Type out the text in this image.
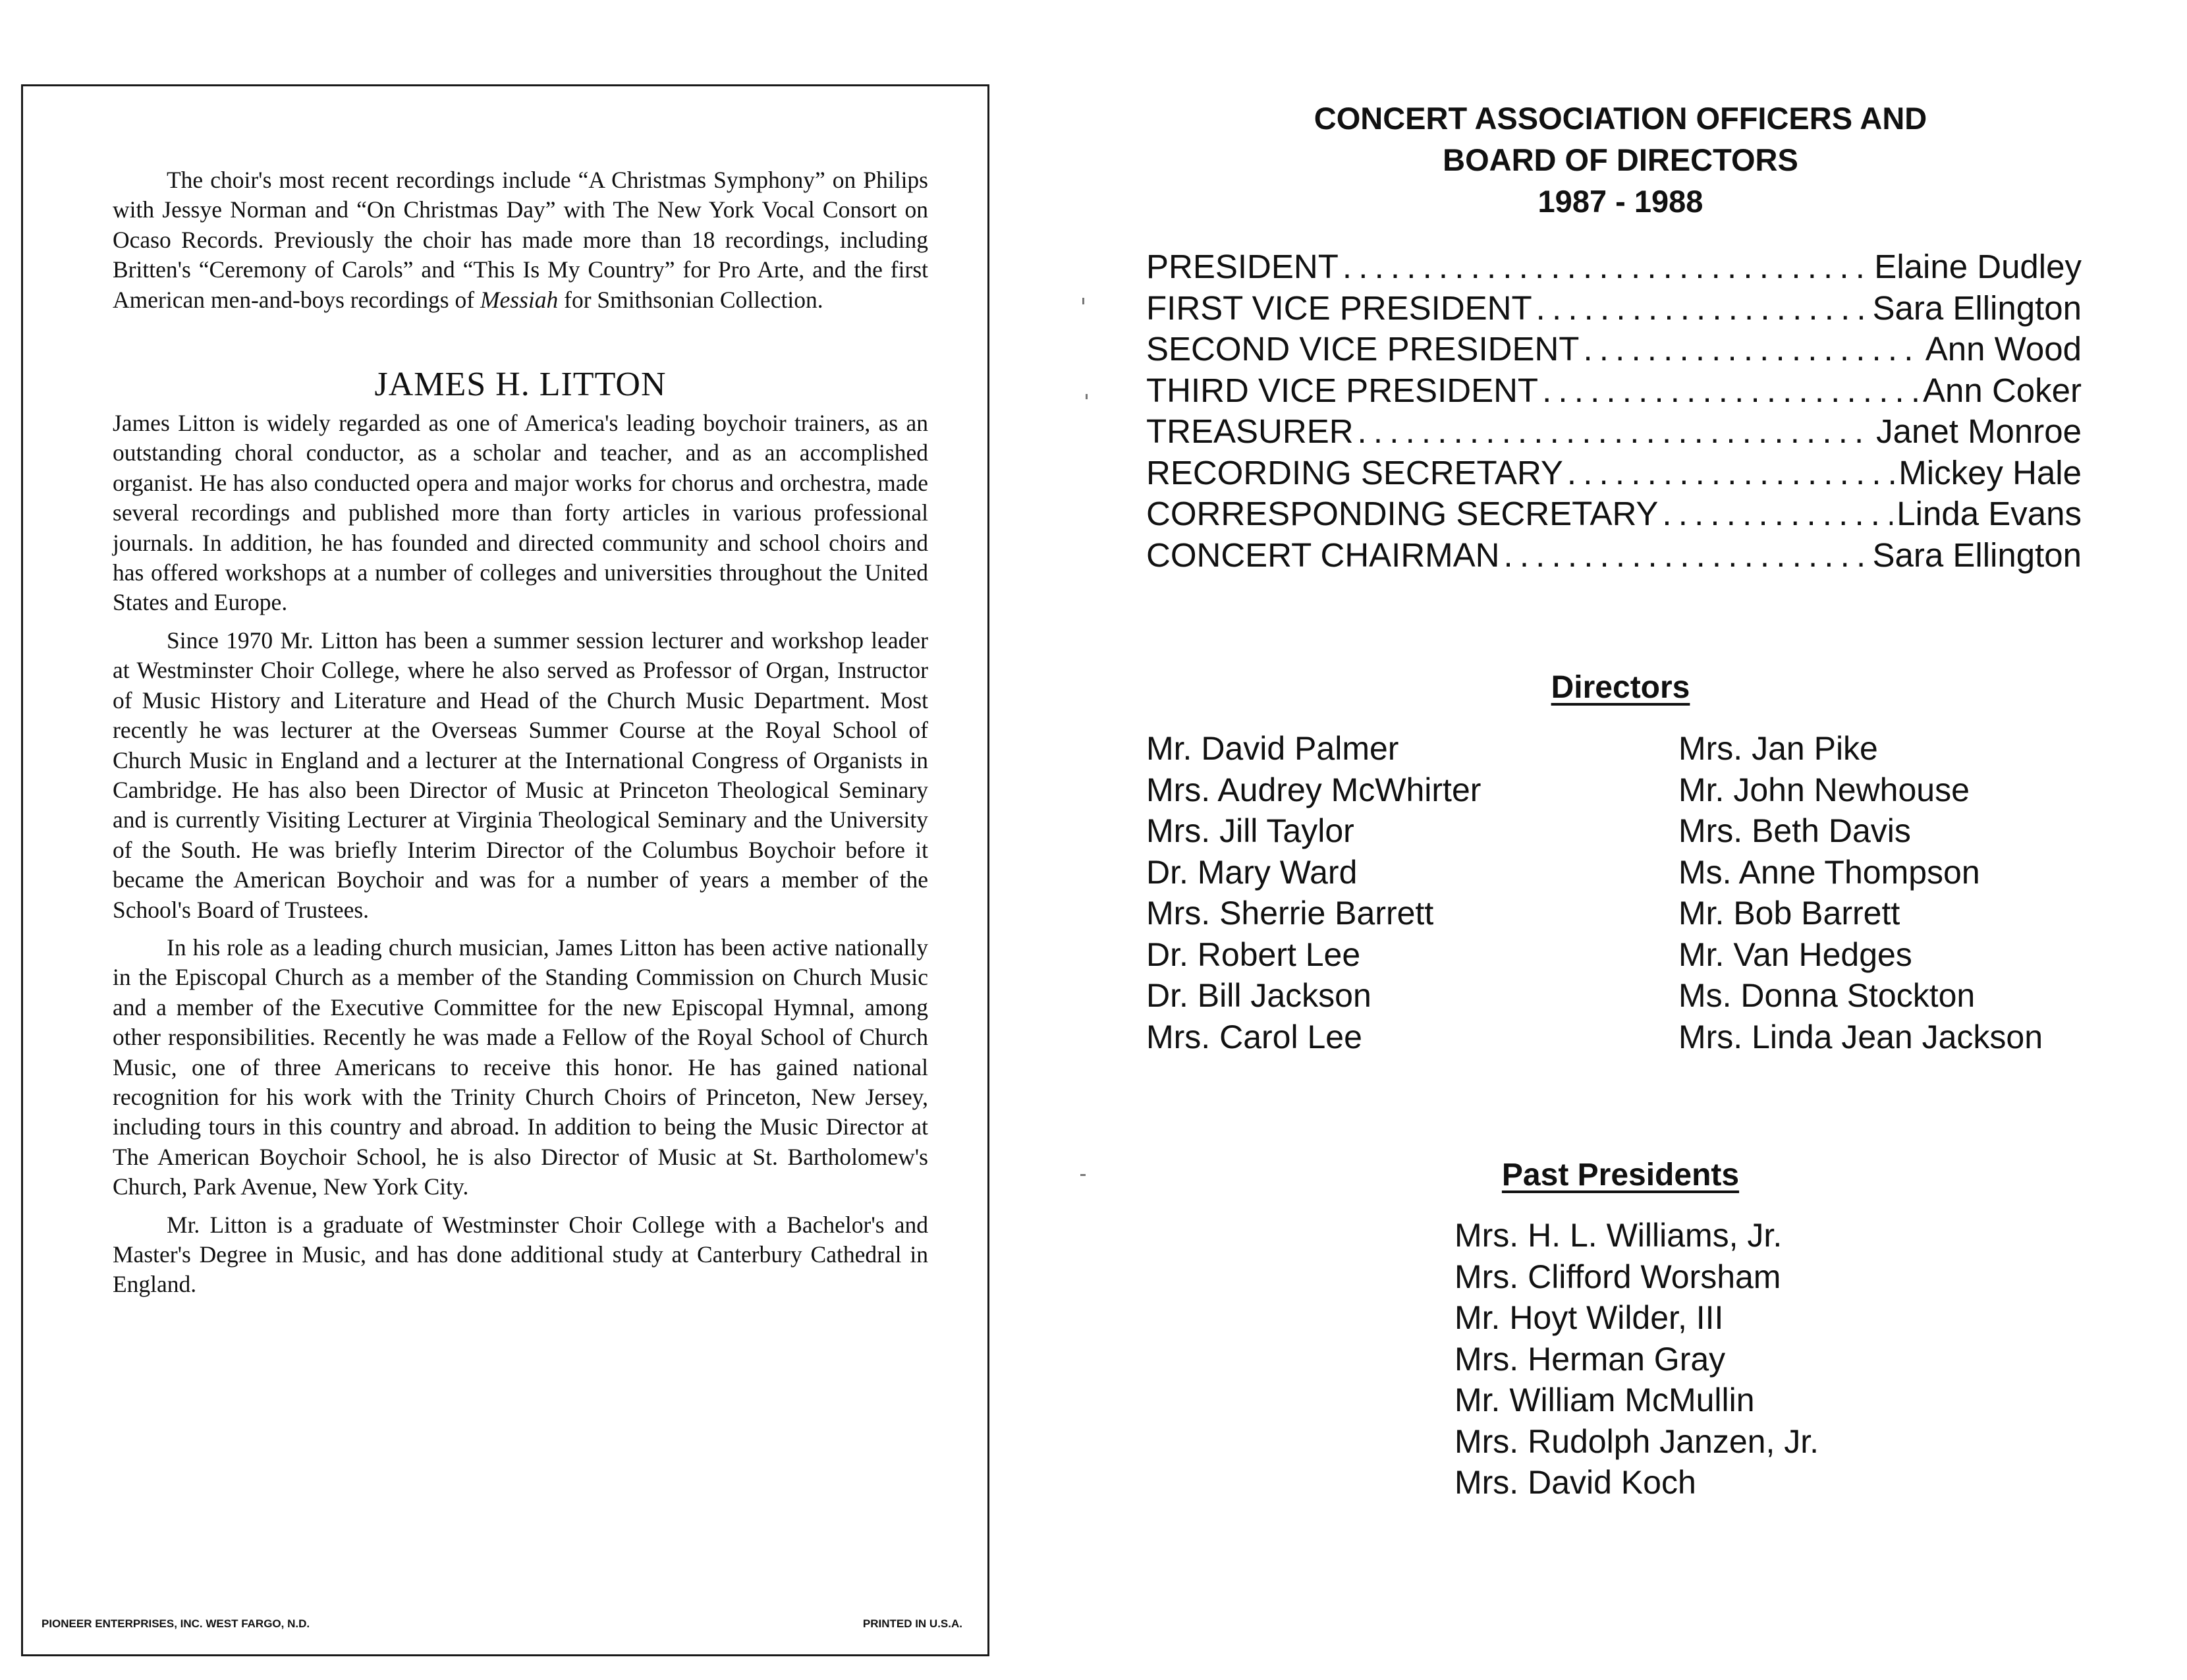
The choir's most recent recordings include “A Christmas Symphony” on Philips with Jessye Norman and “On Christmas Day” with The New York Vocal Consort on Ocaso Records. Previously the choir has made more than 18 recordings, including Britten's “Ceremony of Carols” and “This Is My Country” for Pro Arte, and the first American men-and-boys recordings of Messiah for Smithsonian Collection.

JAMES H. LITTON

James Litton is widely regarded as one of America's leading boychoir trainers, as an outstanding choral conductor, as a scholar and teacher, and as an accomplished organist. He has also conducted opera and major works for chorus and orchestra, made several recordings and published more than forty articles in various professional journals. In addition, he has founded and directed community and school choirs and has offered workshops at a number of colleges and universities throughout the United States and Europe.

Since 1970 Mr. Litton has been a summer session lecturer and workshop leader at Westminster Choir College, where he also served as Professor of Organ, Instructor of Music History and Literature and Head of the Church Music Department. Most recently he was lecturer at the Overseas Summer Course at the Royal School of Church Music in England and a lecturer at the International Congress of Organists in Cambridge. He has also been Director of Music at Princeton Theological Seminary and is currently Visiting Lecturer at Virginia Theological Seminary and the University of the South. He was briefly Interim Director of the Columbus Boychoir before it became the American Boychoir and was for a number of years a member of the School's Board of Trustees.

In his role as a leading church musician, James Litton has been active nationally in the Episcopal Church as a member of the Standing Commission on Church Music and a member of the Executive Committee for the new Episcopal Hymnal, among other responsibilities. Recently he was made a Fellow of the Royal School of Church Music, one of three Americans to receive this honor. He has gained national recognition for his work with the Trinity Church Choirs of Princeton, New Jersey, including tours in this country and abroad. In addition to being the Music Director at The American Boychoir School, he is also Director of Music at St. Bartholomew's Church, Park Avenue, New York City.

Mr. Litton is a graduate of Westminster Choir College with a Bachelor's and Master's Degree in Music, and has done additional study at Canterbury Cathedral in England.

PIONEER ENTERPRISES, INC. WEST FARGO, N.D.	PRINTED IN U.S.A.
CONCERT ASSOCIATION OFFICERS AND
BOARD OF DIRECTORS
1987 - 1988
PRESIDENT . . .	Elaine Dudley
FIRST VICE PRESIDENT . . .	Sara Ellington
SECOND VICE PRESIDENT . . .	Ann Wood
THIRD VICE PRESIDENT . . .	Ann Coker
TREASURER . . .	Janet Monroe
RECORDING SECRETARY . . .	Mickey Hale
CORRESPONDING SECRETARY . . .	Linda Evans
CONCERT CHAIRMAN . . .	Sara Ellington
Directors
Mr. David Palmer
Mrs. Audrey McWhirter
Mrs. Jill Taylor
Dr. Mary Ward
Mrs. Sherrie Barrett
Dr. Robert Lee
Dr. Bill Jackson
Mrs. Carol Lee
Mrs. Jan Pike
Mr. John Newhouse
Mrs. Beth Davis
Ms. Anne Thompson
Mr. Bob Barrett
Mr. Van Hedges
Ms. Donna Stockton
Mrs. Linda Jean Jackson
Past Presidents
Mrs. H. L. Williams, Jr.
Mrs. Clifford Worsham
Mr. Hoyt Wilder, III
Mrs. Herman Gray
Mr. William McMullin
Mrs. Rudolph Janzen, Jr.
Mrs. David Koch
